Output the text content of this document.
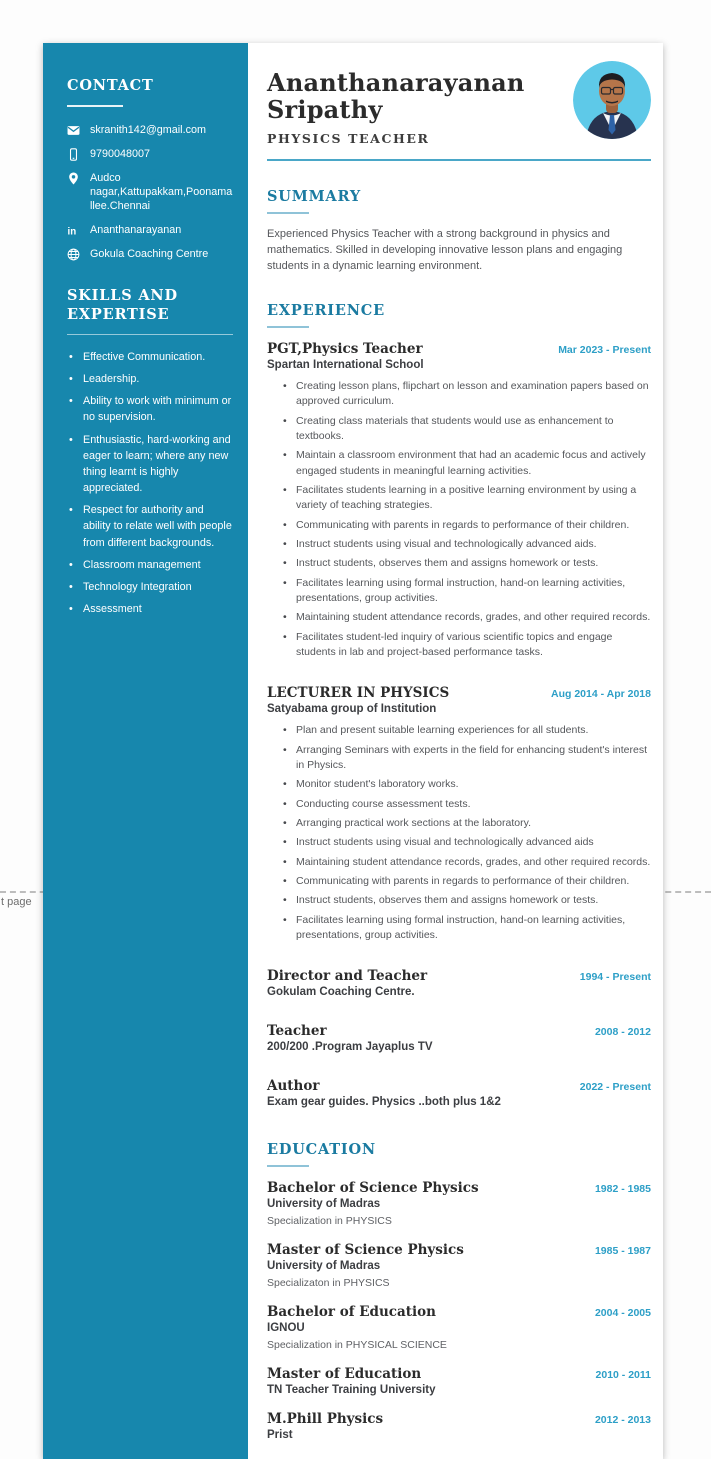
t page
CONTACT
skranith142@gmail.com
9790048007
Audco nagar,Kattupakkam,Poonamallee.Chennai
in Ananthanarayanan
Gokula Coaching Centre
SKILLS AND EXPERTISE
• Effective Communication.
• Leadership.
• Ability to work with minimum or no supervision.
• Enthusiastic, hard-working and eager to learn; where any new thing learnt is highly appreciated.
• Respect for authority and ability to relate well with people from different backgrounds.
• Classroom management
• Technology Integration
• Assessment
Ananthanarayanan Sripathy
PHYSICS TEACHER
SUMMARY

Experienced Physics Teacher with a strong background in physics and mathematics. Skilled in developing innovative lesson plans and engaging students in a dynamic learning environment.

EXPERIENCE
PGT,Physics Teacher	Mar 2023 - Present
Spartan International School
• Creating lesson plans, flipchart on lesson and examination papers based on approved curriculum.
• Creating class materials that students would use as enhancement to textbooks.
• Maintain a classroom environment that had an academic focus and actively engaged students in meaningful learning activities.
• Facilitates students learning in a positive learning environment by using a variety of teaching strategies.
• Communicating with parents in regards to performance of their children.
• Instruct students using visual and technologically advanced aids.
• Instruct students, observes them and assigns homework or tests.
• Facilitates learning using formal instruction, hand-on learning activities, presentations, group activities.
• Maintaining student attendance records, grades, and other required records.
• Facilitates student-led inquiry of various scientific topics and engage students in lab and project-based performance tasks.
LECTURER IN PHYSICS	Aug 2014 - Apr 2018
Satyabama group of Institution
• Plan and present suitable learning experiences for all students.
• Arranging Seminars with experts in the field for enhancing student's interest in Physics.
• Monitor student's laboratory works.
• Conducting course assessment tests.
• Arranging practical work sections at the laboratory.
• Instruct students using visual and technologically advanced aids
• Maintaining student attendance records, grades, and other required records.
• Communicating with parents in regards to performance of their children.
• Instruct students, observes them and assigns homework or tests.
• Facilitates learning using formal instruction, hand-on learning activities, presentations, group activities.
Director and Teacher	1994 - Present
Gokulam Coaching Centre.
Teacher	2008 - 2012
200/200 .Program Jayaplus TV
Author	2022 - Present
Exam gear guides. Physics ..both plus 1&2
EDUCATION
Bachelor of Science Physics	1982 - 1985
University of Madras
Specialization in PHYSICS
Master of Science Physics	1985 - 1987
University of Madras
Specializaton in PHYSICS
Bachelor of Education	2004 - 2005
IGNOU
Specialization in PHYSICAL SCIENCE
Master of Education	2010 - 2011
TN Teacher Training University
M.Phill Physics	2012 - 2013
Prist
